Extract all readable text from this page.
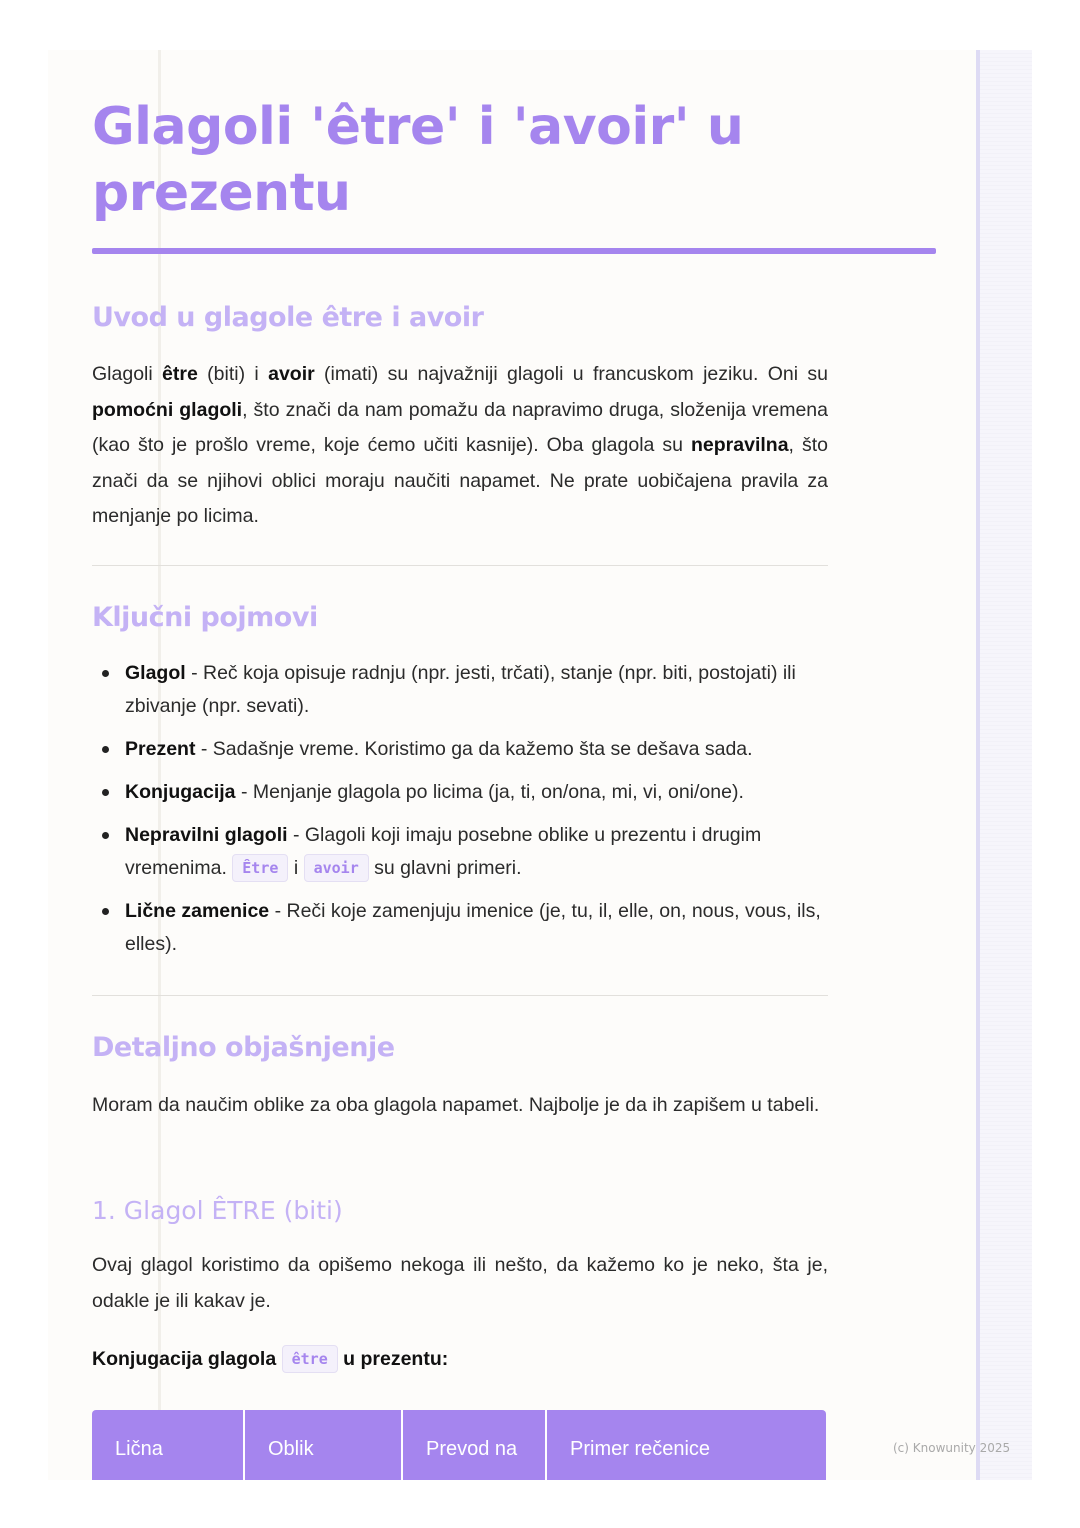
Glagoli 'être' i 'avoir' u prezentu
Uvod u glagole être i avoir

Glagoli être (biti) i avoir (imati) su najvažniji glagoli u francuskom jeziku. Oni su pomoćni glagoli, što znači da nam pomažu da napravimo druga, složenija vremena (kao što je prošlo vreme, koje ćemo učiti kasnije). Oba glagola su nepravilna, što znači da se njihovi oblici moraju naučiti napamet. Ne prate uobičajena pravila za menjanje po licima.

Ključni pojmovi
Glagol - Reč koja opisuje radnju (npr. jesti, trčati), stanje (npr. biti, postojati) ili zbivanje (npr. sevati).
Prezent - Sadašnje vreme. Koristimo ga da kažemo šta se dešava sada.
Konjugacija - Menjanje glagola po licima (ja, ti, on/ona, mi, vi, oni/one).
Nepravilni glagoli - Glagoli koji imaju posebne oblike u prezentu i drugim vremenima. Être i avoir su glavni primeri.
Lične zamenice - Reči koje zamenjuju imenice (je, tu, il, elle, on, nous, vous, ils, elles).
Detaljno objašnjenje

Moram da naučim oblike za oba glagola napamet. Najbolje je da ih zapišem u tabeli.

1. Glagol ÊTRE (biti)

Ovaj glagol koristimo da opišemo nekoga ili nešto, da kažemo ko je neko, šta je, odakle je ili kakav je.

Konjugacija glagola être u prezentu:

Lična	Oblik	Prevod na	Primer rečenice	(c) Knowunity 2025
